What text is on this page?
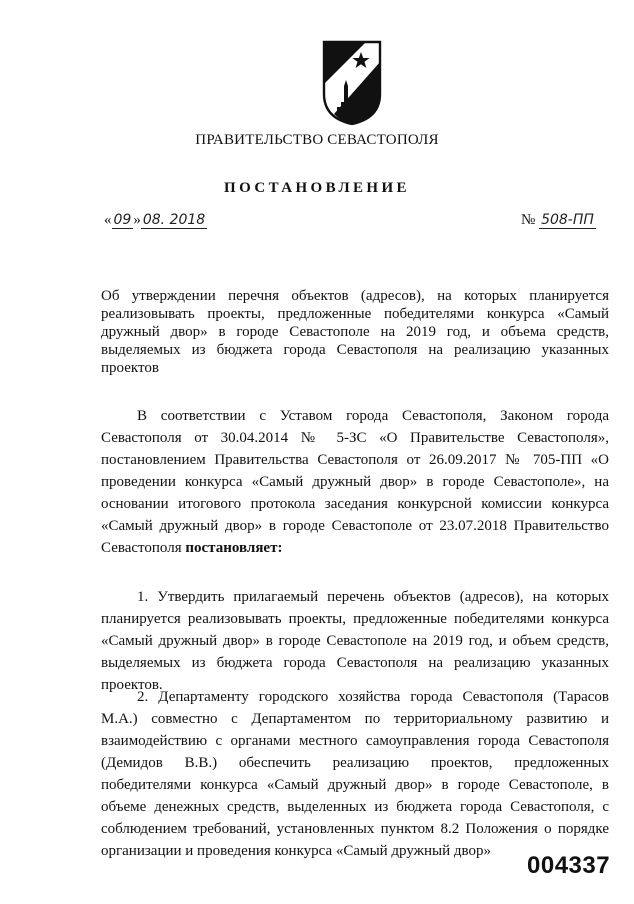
ПРАВИТЕЛЬСТВО СЕВАСТОПОЛЯ
ПОСТАНОВЛЕНИЕ
« 09 » 08. 2018	№ 508-ПП
Об утверждении перечня объектов (адресов), на которых планируется реализовывать проекты, предложенные победителями конкурса «Самый дружный двор» в городе Севастополе на 2019 год, и объема средств, выделяемых из бюджета города Севастополя на реализацию указанных проектов
В соответствии с Уставом города Севастополя, Законом города Севастополя от 30.04.2014 № 5-ЗС «О Правительстве Севастополя», постановлением Правительства Севастополя от 26.09.2017 № 705-ПП «О проведении конкурса «Самый дружный двор» в городе Севастополе», на основании итогового протокола заседания конкурсной комиссии конкурса «Самый дружный двор» в городе Севастополе от 23.07.2018 Правительство Севастополя постановляет:
1. Утвердить прилагаемый перечень объектов (адресов), на которых планируется реализовывать проекты, предложенные победителями конкурса «Самый дружный двор» в городе Севастополе на 2019 год, и объем средств, выделяемых из бюджета города Севастополя на реализацию указанных проектов.
2. Департаменту городского хозяйства города Севастополя (Тарасов М.А.) совместно с Департаментом по территориальному развитию и взаимодействию с органами местного самоуправления города Севастополя (Демидов В.В.) обеспечить реализацию проектов, предложенных победителями конкурса «Самый дружный двор» в городе Севастополе, в объеме денежных средств, выделенных из бюджета города Севастополя, с соблюдением требований, установленных пунктом 8.2 Положения о порядке организации и проведения конкурса «Самый дружный двор»
004337
